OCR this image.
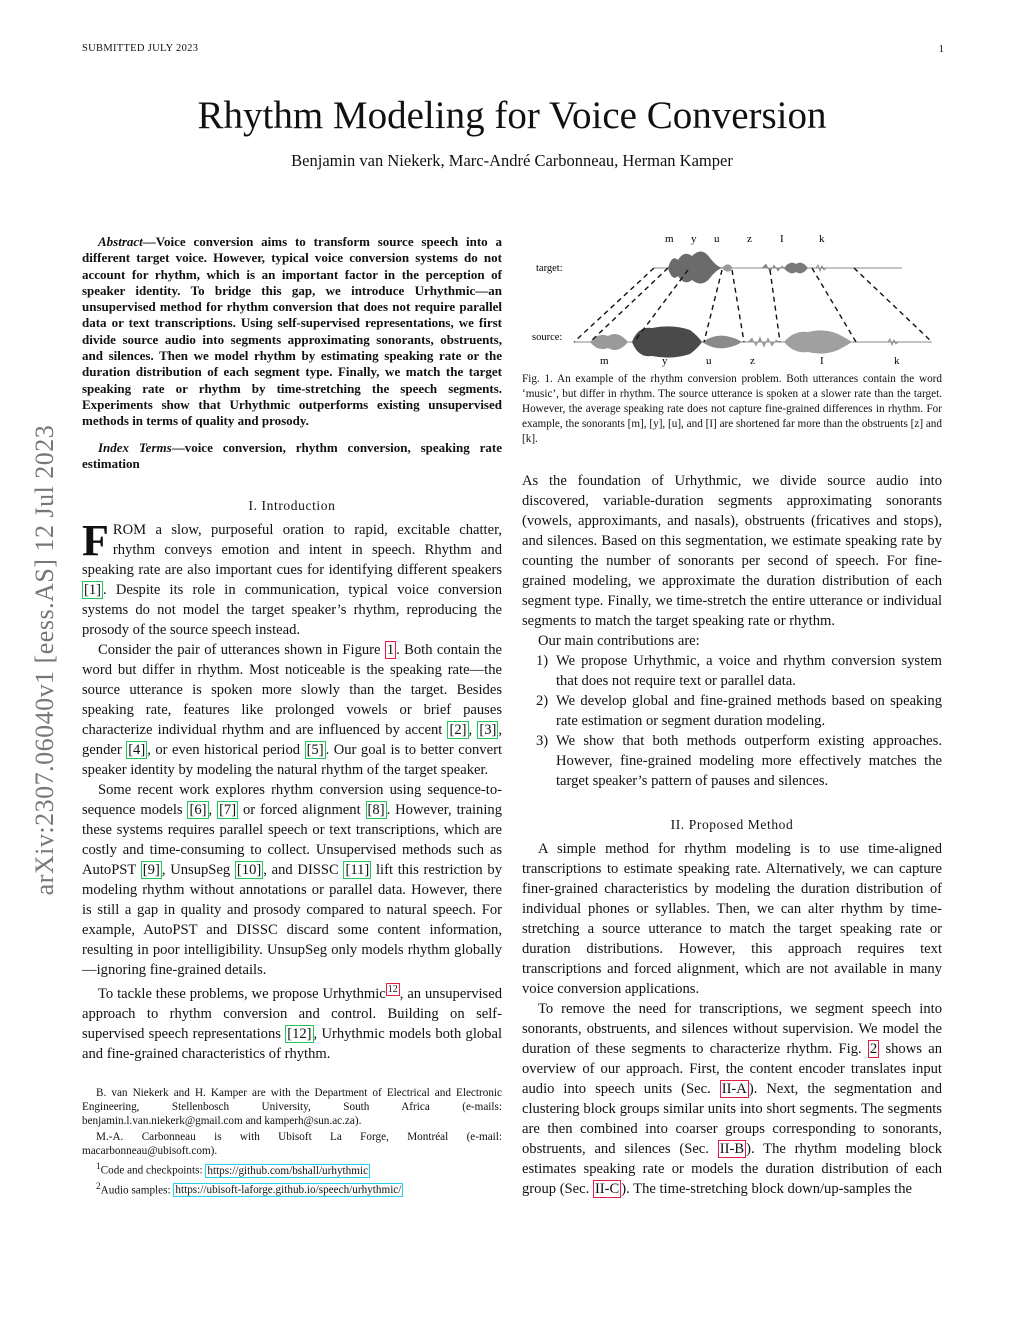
SUBMITTED JULY 2023	1
arXiv:2307.06040v1 [eess.AS] 12 Jul 2023
Rhythm Modeling for Voice Conversion
Benjamin van Niekerk, Marc-André Carbonneau, Herman Kamper

Abstract—Voice conversion aims to transform source speech into a different target voice. However, typical voice conversion systems do not account for rhythm, which is an important factor in the perception of speaker identity. To bridge this gap, we introduce Urhythmic—an unsupervised method for rhythm conversion that does not require parallel data or text transcriptions. Using self-supervised representations, we first divide source audio into segments approximating sonorants, obstruents, and silences. Then we model rhythm by estimating speaking rate or the duration distribution of each segment type. Finally, we match the target speaking rate or rhythm by time-stretching the speech segments. Experiments show that Urhythmic outperforms existing unsupervised methods in terms of quality and prosody.

Index Terms—voice conversion, rhythm conversion, speaking rate estimation

I. Introduction

FROM a slow, purposeful oration to rapid, excitable chatter, rhythm conveys emotion and intent in speech. Rhythm and speaking rate are also important cues for identifying different speakers [1] . Despite its role in communication, typical voice conversion systems do not model the target speaker’s rhythm, reproducing the prosody of the source speech instead.

Consider the pair of utterances shown in Figure 1 . Both contain the word but differ in rhythm. Most noticeable is the speaking rate—the source utterance is spoken more slowly than the target. Besides speaking rate, features like prolonged vowels or brief pauses characterize individual rhythm and are influenced by accent [2] , [3] , gender [4] , or even historical period [5] . Our goal is to better convert speaker identity by modeling the natural rhythm of the target speaker.

Some recent work explores rhythm conversion using sequence-to-sequence models [6] , [7] or forced alignment [8] . However, training these systems requires parallel speech or text transcriptions, which are costly and time-consuming to collect. Unsupervised methods such as AutoPST [9] , UnsupSeg [10] , and DISSC [11] lift this restriction by modeling rhythm without annotations or parallel data. However, there is still a gap in quality and prosody compared to natural speech. For example, AutoPST and DISSC discard some content information, resulting in poor intelligibility. UnsupSeg only models rhythm globally—ignoring fine-grained details.

To tackle these problems, we propose Urhythmic $^{12}$ , an unsupervised approach to rhythm conversion and control. Building on self-supervised speech representations [12] , Urhythmic models both global and fine-grained characteristics of rhythm.

B. van Niekerk and H. Kamper are with the Department of Electrical and Electronic Engineering, Stellenbosch University, South Africa (e-mails: benjamin.l.van.niekerk@gmail.com and kamperh@sun.ac.za).

M.-A. Carbonneau is with Ubisoft La Forge, Montréal (e-mail: macarbonneau@ubisoft.com).

$^1$Code and checkpoints: https://github.com/bshall/urhythmic

$^2$Audio samples: https://ubisoft-laforge.github.io/speech/urhythmic/

m y u	z	I	k
target:
source:
m	y	u	z	I	k

Fig. 1. An example of the rhythm conversion problem. Both utterances contain the word ‘music’, but differ in rhythm. The source utterance is spoken at a slower rate than the target. However, the average speaking rate does not capture fine-grained differences in rhythm. For example, the sonorants [m], [y], [u], and [I] are shortened far more than the obstruents [z] and [k].

As the foundation of Urhythmic, we divide source audio into discovered, variable-duration segments approximating sonorants (vowels, approximants, and nasals), obstruents (fricatives and stops), and silences. Based on this segmentation, we estimate speaking rate by counting the number of sonorants per second of speech. For fine-grained modeling, we approximate the duration distribution of each segment type. Finally, we time-stretch the entire utterance or individual segments to match the target speaking rate or rhythm.

Our main contributions are:

1) We propose Urhythmic, a voice and rhythm conversion system that does not require text or parallel data.
2) We develop global and fine-grained methods based on speaking rate estimation or segment duration modeling.
3) We show that both methods outperform existing approaches. However, fine-grained modeling more effectively matches the target speaker’s pattern of pauses and silences.
II. Proposed Method

A simple method for rhythm modeling is to use time-aligned transcriptions to estimate speaking rate. Alternatively, we can capture finer-grained characteristics by modeling the duration distribution of individual phones or syllables. Then, we can alter rhythm by time-stretching a source utterance to match the target speaking rate or duration distributions. However, this approach requires text transcriptions and forced alignment, which are not available in many voice conversion applications.

To remove the need for transcriptions, we segment speech into sonorants, obstruents, and silences without supervision. We model the duration of these segments to characterize rhythm. Fig. 2 shows an overview of our approach. First, the content encoder translates input audio into speech units (Sec. II-A ). Next, the segmentation and clustering block groups similar units into short segments. The segments are then combined into coarser groups corresponding to sonorants, obstruents, and silences (Sec. II-B ). The rhythm modeling block estimates speaking rate or models the duration distribution of each group (Sec. II-C ). The time-stretching block down/up-samples the
